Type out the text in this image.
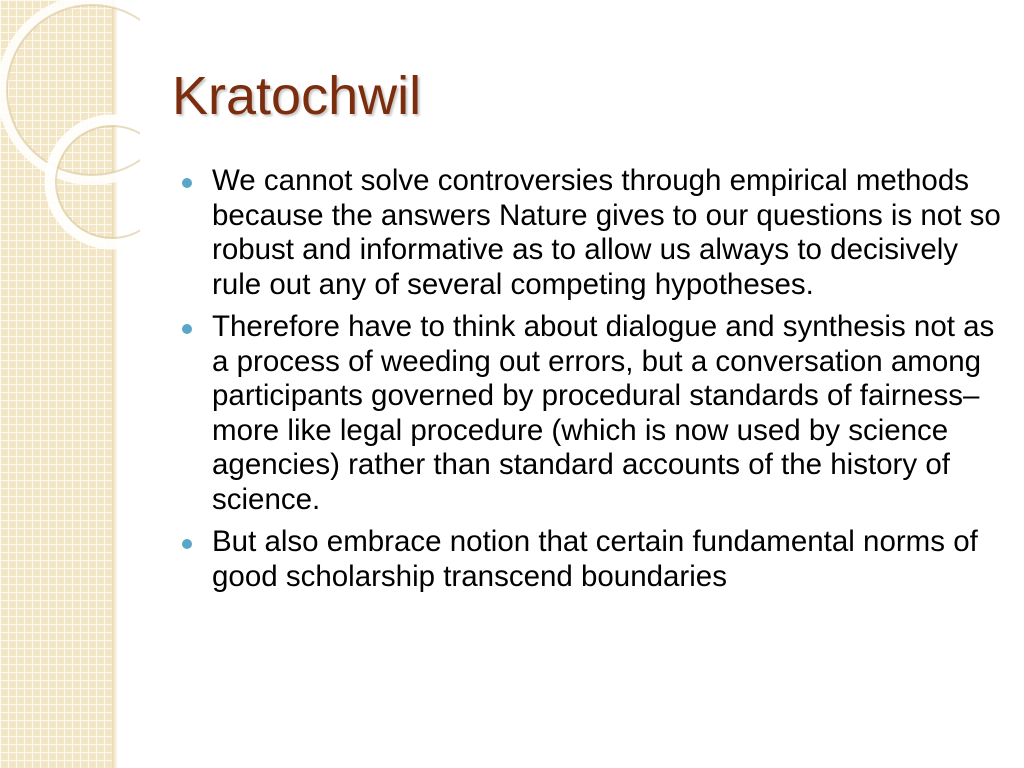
Kratochwil
We cannot solve controversies through empirical methods because the answers Nature gives to our questions is not so robust and informative as to allow us always to decisively rule out any of several competing hypotheses.
Therefore have to think about dialogue and synthesis not as a process of weeding out errors, but a conversation among participants governed by procedural standards of fairness– more like legal procedure (which is now used by science agencies) rather than standard accounts of the history of science.
But also embrace notion that certain fundamental norms of good scholarship transcend boundaries
